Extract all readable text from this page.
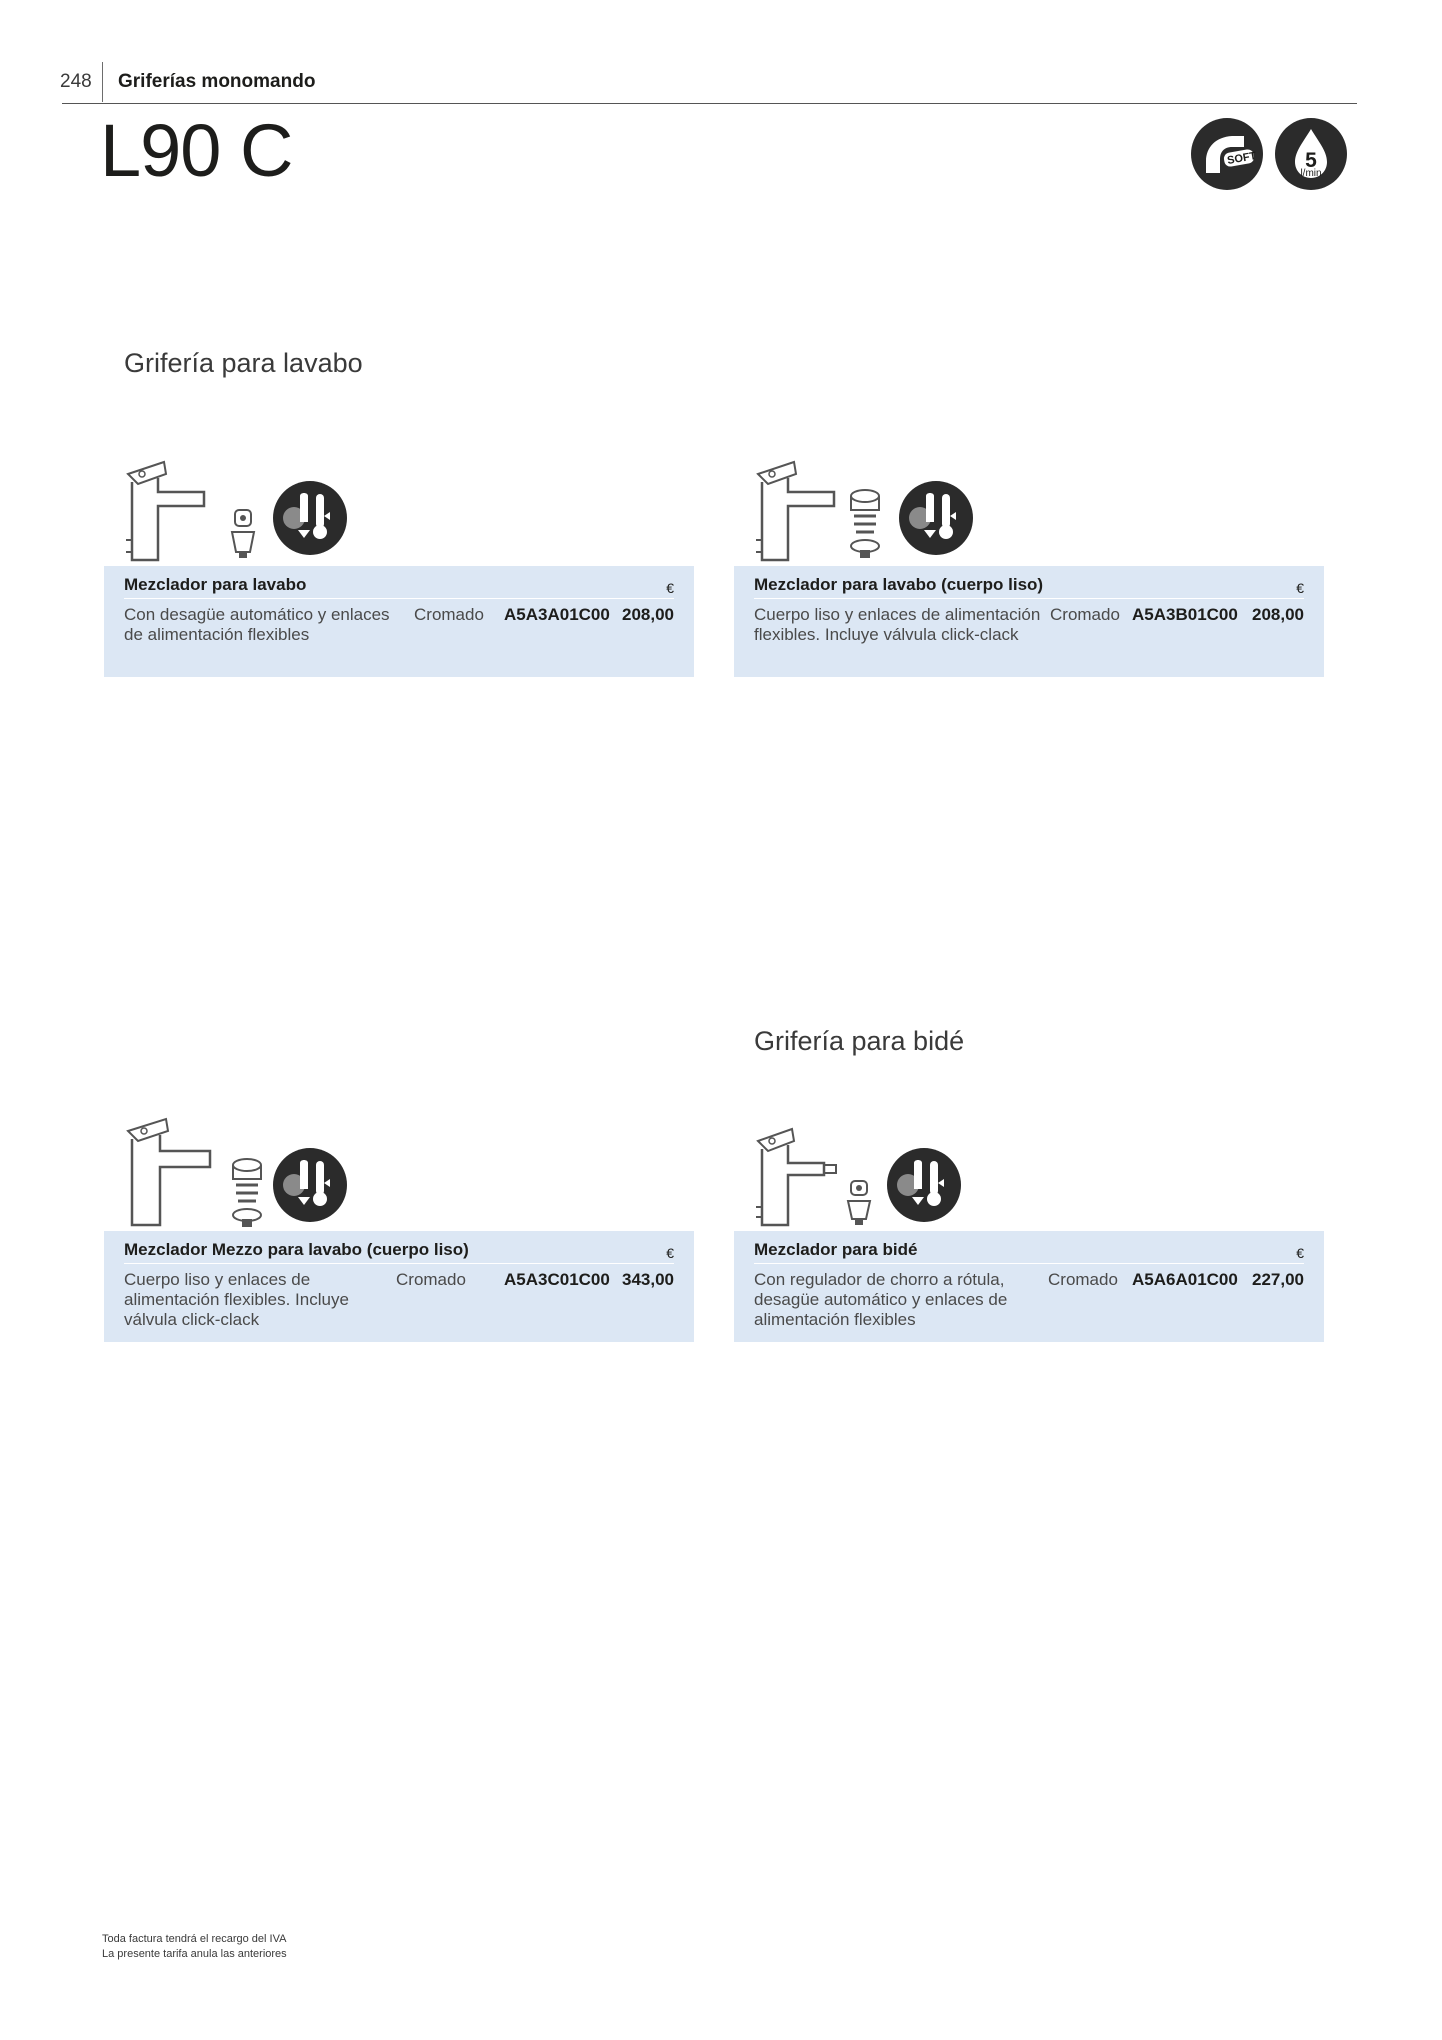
248 Griferías monomando
L90 C	SOFT 5
l/min
Grifería para lavabo
Grifería para bidé
Mezclador para lavabo	€
Con desagüe automático y enlaces de alimentación flexibles
Cromado A5A3A01C00 208,00
Mezclador para lavabo (cuerpo liso)	€
Cuerpo liso y enlaces de alimentación flexibles. Incluye válvula click-clack
Cromado A5A3B01C00 208,00
Mezclador Mezzo para lavabo (cuerpo liso)	€
Cuerpo liso y enlaces de alimentación flexibles. Incluye válvula click-clack
Cromado A5A3C01C00 343,00
Mezclador para bidé	€
Con regulador de chorro a rótula, desagüe automático y enlaces de alimentación flexibles
Cromado A5A6A01C00 227,00
Toda factura tendrá el recargo del IVA
La presente tarifa anula las anteriores
